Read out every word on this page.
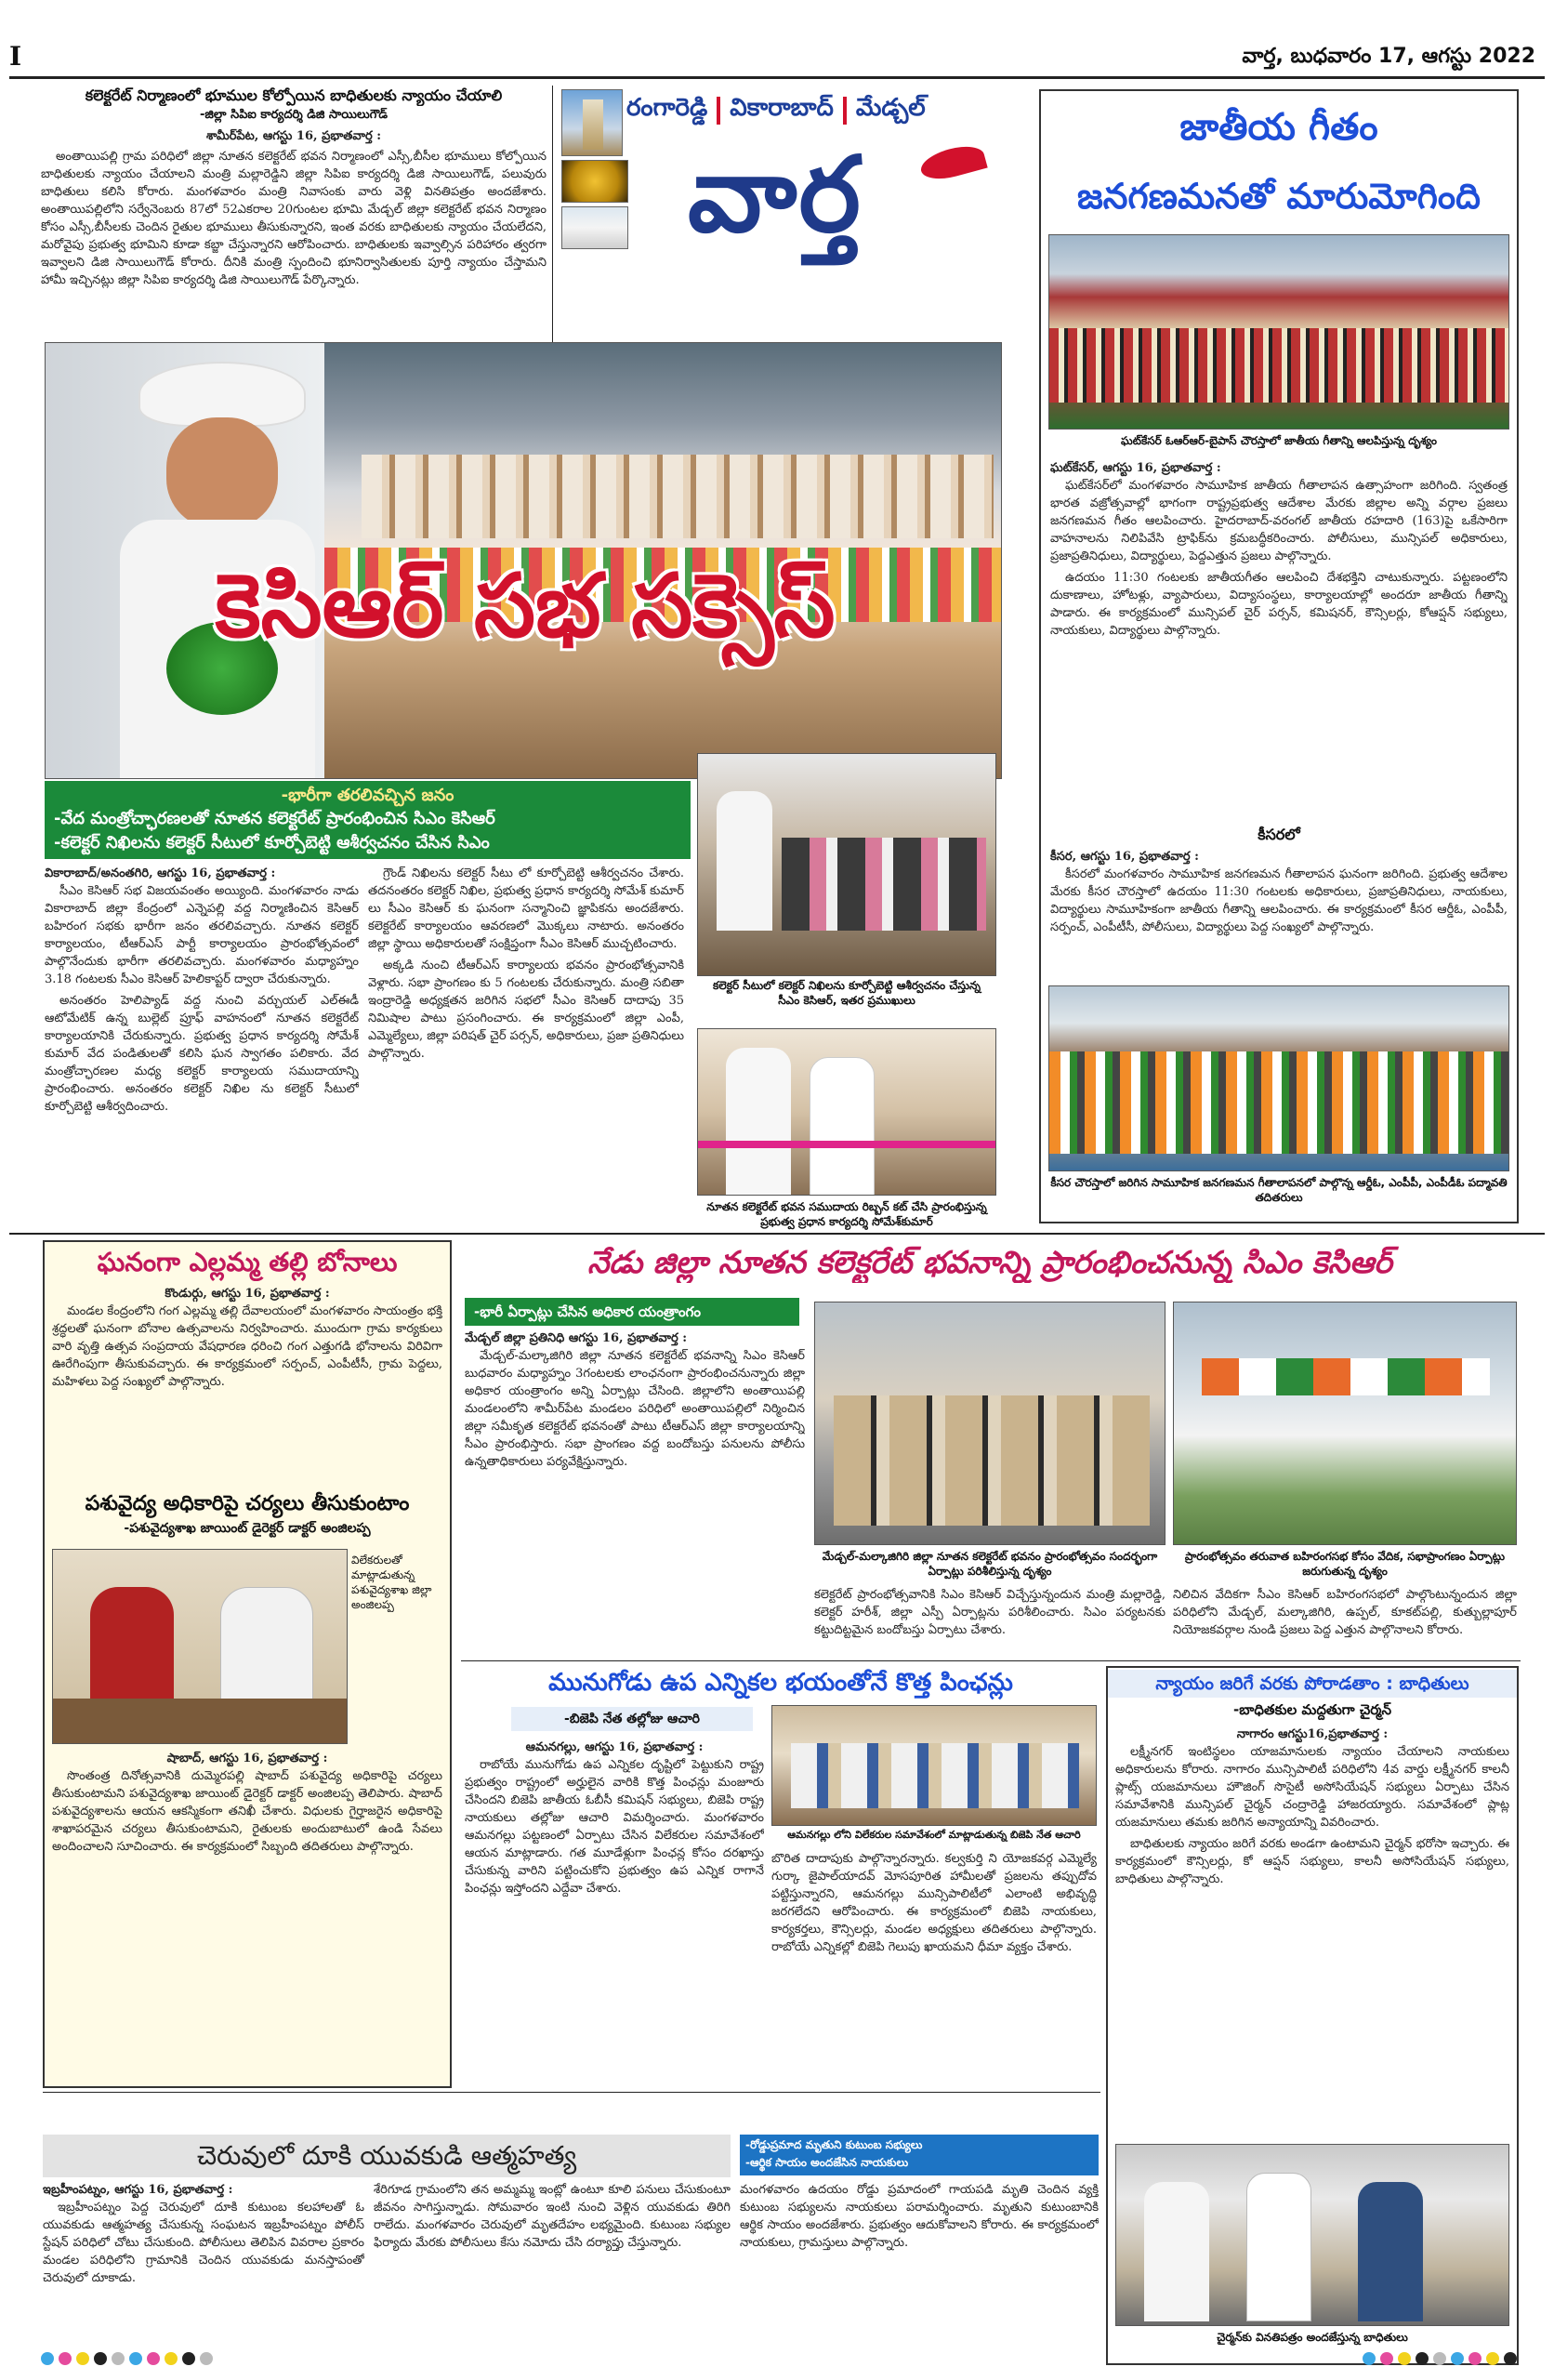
I	వార్త, బుధవారం 17, ఆగస్టు 2022
కలెక్టరేట్ నిర్మాణంలో భూముల కోల్పోయిన బాధితులకు న్యాయం చేయాలి
-జిల్లా సిపిఐ కార్యదర్శి డిజి సాయిలుగౌడ్
శామీర్‌పేట, ఆగస్టు 16, ప్రభాతవార్త :

అంతాయిపల్లి గ్రామ పరిధిలో జిల్లా నూతన కలెక్టరేట్ భవన నిర్మాణంలో ఎస్సీ,బీసీల భూములు కోల్పోయిన బాధితులకు న్యాయం చేయాలని మంత్రి మల్లారెడ్డిని జిల్లా సిపిఐ కార్యదర్శి డిజి సాయిలుగౌడ్, పలువురు బాధితులు కలిసి కోరారు. మంగళవారం మంత్రి నివాసంకు వారు వెళ్లి వినతిపత్రం అందజేశారు. అంతాయిపల్లిలోని సర్వేనెంబరు 87లో 52ఎకరాల 20గుంటల భూమి మేడ్చల్ జిల్లా కలెక్టరేట్ భవన నిర్మాణం కోసం ఎస్సీ,బీసీలకు చెందిన రైతుల భూములు తీసుకున్నారని, ఇంత వరకు బాధితులకు న్యాయం చేయలేదని, మరోవైపు ప్రభుత్వ భూమిని కూడా కబ్జా చేస్తున్నారని ఆరోపించారు. బాధితులకు ఇవ్వాల్సిన పరిహారం త్వరగా ఇవ్వాలని డిజి సాయిలుగౌడ్ కోరారు. దీనికి మంత్రి స్పందించి భూనిర్వాసితులకు పూర్తి న్యాయం చేస్తామని హామీ ఇచ్చినట్లు జిల్లా సిపిఐ కార్యదర్శి డిజి సాయిలుగౌడ్ పేర్కొన్నారు.

రంగారెడ్డి వికారాబాద్ మేడ్చల్
వార్త
కెసిఆర్ సభ సక్సెస్
-భారీగా తరలివచ్చిన జనం
-వేద మంత్రోచ్ఛారణలతో నూతన కలెక్టరేట్ ప్రారంభించిన సిఎం కెసిఆర్
-కలెక్టర్ నిఖిలను కలెక్టర్ సీటులో కూర్చోబెట్టి ఆశీర్వచనం చేసిన సిఎం
వికారాబాద్/అనంతగిరి, ఆగస్టు 16, ప్రభాతవార్త :

సీఎం కెసిఆర్ సభ విజయవంతం అయ్యింది. మంగళవారం నాడు వికారాబాద్ జిల్లా కేంద్రంలో ఎన్నెపల్లి వద్ద నిర్మాణించిన కెసిఆర్ బహిరంగ సభకు భారీగా జనం తరలివచ్చారు. నూతన కలెక్టర్ కార్యాలయం, టీఆర్ఎస్ పార్టీ కార్యాలయం ప్రారంభోత్సవంలో పాల్గొనేందుకు భారీగా తరలివచ్చారు. మంగళవారం మధ్యాహ్నం 3.18 గంటలకు సీఎం కెసిఆర్ హెలికాప్టర్ ద్వారా చేరుకున్నారు.

అనంతరం హెలిప్యాడ్ వద్ద నుంచి వర్చుయల్ ఎల్ఈడీ ఆటోమేటిక్ ఉన్న బుల్లెట్ ప్రూఫ్ వాహనంలో నూతన కలెక్టరేట్ కార్యాలయానికి చేరుకున్నారు. ప్రభుత్వ ప్రధాన కార్యదర్శి సోమేశ్ కుమార్ వేద పండితులతో కలిసి ఘన స్వాగతం పలికారు. వేద మంత్రోచ్ఛారణల మధ్య కలెక్టర్ కార్యాలయ సముదాయాన్ని ప్రారంభించారు. అనంతరం కలెక్టర్ నిఖిల ను కలెక్టర్ సీటులో కూర్చోబెట్టి ఆశీర్వదించారు.

గ్రౌండ్ నిఖిలను కలెక్టర్ సీటు లో కూర్చోబెట్టి ఆశీర్వచనం చేశారు. తదనంతరం కలెక్టర్ నిఖిల, ప్రభుత్వ ప్రధాన కార్యదర్శి సోమేశ్ కుమార్ లు సీఎం కెసిఆర్ కు ఘనంగా సన్మానించి జ్ఞాపికను అందజేశారు. కలెక్టరేట్ కార్యాలయం ఆవరణలో మొక్కలు నాటారు. అనంతరం జిల్లా స్థాయి అధికారులతో సంక్షిప్తంగా సీఎం కెసిఆర్ ముచ్చటించారు.

అక్కడి నుంచి టీఆర్ఎస్ కార్యాలయ భవనం ప్రారంభోత్సవానికి వెళ్లారు. సభా ప్రాంగణం కు 5 గంటలకు చేరుకున్నారు. మంత్రి సబితా ఇంద్రారెడ్డి అధ్యక్షతన జరిగిన సభలో సీఎం కెసిఆర్ దాదాపు 35 నిమిషాల పాటు ప్రసంగించారు. ఈ కార్యక్రమంలో జిల్లా ఎంపీ, ఎమ్మెల్యేలు, జిల్లా పరిషత్ చైర్ పర్సన్, అధికారులు, ప్రజా ప్రతినిధులు పాల్గొన్నారు.

కలెక్టర్ సీటులో కలెక్టర్ నిఖిలను కూర్చోబెట్టి ఆశీర్వచనం చేస్తున్న సీఎం కెసిఆర్, ఇతర ప్రముఖులు
నూతన కలెక్టరేట్ భవన సముదాయ రిబ్బన్ కట్ చేసి ప్రారంభిస్తున్న ప్రభుత్వ ప్రధాన కార్యదర్శి సోమేశ్‌కుమార్
జాతీయ గీతం
జనగణమనతో మారుమోగింది
ఘట్‌కేసర్ ఓఆర్ఆర్-బైపాస్ చౌరస్తాలో జాతీయ గీతాన్ని ఆలపిస్తున్న దృశ్యం
ఘట్‌కేసర్, ఆగస్టు 16, ప్రభాతవార్త :

ఘట్‌కేసర్‌లో మంగళవారం సామూహిక జాతీయ గీతాలాపన ఉత్సాహంగా జరిగింది. స్వతంత్ర భారత వజ్రోత్సవాల్లో భాగంగా రాష్ట్రప్రభుత్వ ఆదేశాల మేరకు జిల్లాల అన్ని వర్గాల ప్రజలు జనగణమన గీతం ఆలపించారు. హైదరాబాద్-వరంగల్ జాతీయ రహదారి (163)పై ఒకేసారిగా వాహనాలను నిలిపివేసి ట్రాఫిక్‌ను క్రమబద్ధీకరించారు. పోలీసులు, మున్సిపల్ అధికారులు, ప్రజాప్రతినిధులు, విద్యార్థులు, పెద్దఎత్తున ప్రజలు పాల్గొన్నారు.

ఉదయం 11:30 గంటలకు జాతీయగీతం ఆలపించి దేశభక్తిని చాటుకున్నారు. పట్టణంలోని దుకాణాలు, హోటళ్లు, వ్యాపారులు, విద్యాసంస్థలు, కార్యాలయాల్లో అందరూ జాతీయ గీతాన్ని పాడారు. ఈ కార్యక్రమంలో మున్సిపల్ చైర్ పర్సన్, కమిషనర్, కౌన్సిలర్లు, కోఆప్షన్ సభ్యులు, నాయకులు, విద్యార్థులు పాల్గొన్నారు.

కీసరలో
కీసర, ఆగస్టు 16, ప్రభాతవార్త :

కీసరలో మంగళవారం సామూహిక జనగణమన గీతాలాపన ఘనంగా జరిగింది. ప్రభుత్వ ఆదేశాల మేరకు కీసర చౌరస్తాలో ఉదయం 11:30 గంటలకు అధికారులు, ప్రజాప్రతినిధులు, నాయకులు, విద్యార్థులు సామూహికంగా జాతీయ గీతాన్ని ఆలపించారు. ఈ కార్యక్రమంలో కీసర ఆర్డీఓ, ఎంపీపీ, సర్పంచ్, ఎంపీటీసీ, పోలీసులు, విద్యార్థులు పెద్ద సంఖ్యలో పాల్గొన్నారు.

కీసర చౌరస్తాలో జరిగిన సామూహిక జనగణమన గీతాలాపనలో పాల్గొన్న ఆర్డీఓ, ఎంపీపీ, ఎంపీడీఓ పద్మావతి తదితరులు
ఘనంగా ఎల్లమ్మ తల్లి బోనాలు
కొండుర్గు, ఆగస్టు 16, ప్రభాతవార్త :

మండల కేంద్రంలోని గంగ ఎల్లమ్మ తల్లి దేవాలయంలో మంగళవారం సాయంత్రం భక్తి శ్రద్ధలతో ఘనంగా బోనాల ఉత్సవాలను నిర్వహించారు. ముందుగా గ్రామ కార్యకులు వారి వృత్తి ఉత్సవ సంప్రదాయ వేషధారణ ధరించి గంగ ఎత్తుగడి భోనాలను విరివిగా ఊరేగింపుగా తీసుకువచ్చారు. ఈ కార్యక్రమంలో సర్పంచ్, ఎంపీటీసీ, గ్రామ పెద్దలు, మహిళలు పెద్ద సంఖ్యలో పాల్గొన్నారు.

పశువైద్య అధికారిపై చర్యలు తీసుకుంటాం
-పశువైద్యశాఖ జాయింట్ డైరెక్టర్ డాక్టర్ అంజిలప్ప
విలేకరులతో మాట్లాడుతున్న పశువైద్యశాఖ జిల్లా అంజిలప్ప
షాబాద్, ఆగస్టు 16, ప్రభాతవార్త :

సొంతంత్ర దినోత్సవానికి దుమ్మెరపల్లి షాబాద్ పశువైద్య అధికారిపై చర్యలు తీసుకుంటామని పశువైద్యశాఖ జాయింట్ డైరెక్టర్ డాక్టర్ అంజిలప్ప తెలిపారు. షాబాద్ పశువైద్యశాలను ఆయన ఆకస్మికంగా తనిఖీ చేశారు. విధులకు గైర్హాజరైన అధికారిపై శాఖాపరమైన చర్యలు తీసుకుంటామని, రైతులకు అందుబాటులో ఉండి సేవలు అందించాలని సూచించారు. ఈ కార్యక్రమంలో సిబ్బంది తదితరులు పాల్గొన్నారు.

నేడు జిల్లా నూతన కలెక్టరేట్ భవనాన్ని ప్రారంభించనున్న సిఎం కెసిఆర్
-భారీ ఏర్పాట్లు చేసిన అధికార యంత్రాంగం
మేడ్చల్ జిల్లా ప్రతినిధి ఆగస్టు 16, ప్రభాతవార్త :

మేడ్చల్-మల్కాజిగిరి జిల్లా నూతన కలెక్టరేట్ భవనాన్ని సిఎం కెసిఆర్ బుధవారం మధ్యాహ్నం 3గంటలకు లాంఛనంగా ప్రారంభించనున్నారు జిల్లా అధికార యంత్రాంగం అన్ని ఏర్పాట్లు చేసింది. జిల్లాలోని అంతాయిపల్లి మండలంలోని శామీర్‌పేట మండలం పరిధిలో అంతాయిపల్లిలో నిర్మించిన జిల్లా సమీకృత కలెక్టరేట్ భవనంతో పాటు టీఆర్ఎస్ జిల్లా కార్యాలయాన్ని సీఎం ప్రారంభిస్తారు. సభా ప్రాంగణం వద్ద బందోబస్తు పనులను పోలీసు ఉన్నతాధికారులు పర్యవేక్షిస్తున్నారు.

మేడ్చల్-మల్కాజిగిరి జిల్లా నూతన కలెక్టరేట్ భవనం ప్రారంభోత్సవం సందర్భంగా ఏర్పాట్లు పరిశీలిస్తున్న దృశ్యం
ప్రారంభోత్సవం తరువాత బహిరంగసభ కోసం వేదిక, సభాప్రాంగణం ఏర్పాట్లు జరుగుతున్న దృశ్యం
కలెక్టరేట్ ప్రారంభోత్సవానికి సిఎం కెసిఆర్ విచ్చేస్తున్నందున మంత్రి మల్లారెడ్డి, కలెక్టర్ హరీశ్, జిల్లా ఎస్పీ ఏర్పాట్లను పరిశీలించారు. సిఎం పర్యటనకు కట్టుదిట్టమైన బందోబస్తు ఏర్పాటు చేశారు.
నిలిచిన వేదికగా సీఎం కెసిఆర్ బహిరంగసభలో పాల్గొంటున్నందున జిల్లా పరిధిలోని మేడ్చల్, మల్కాజిగిరి, ఉప్పల్, కూకట్‌పల్లి, కుత్బుల్లాపూర్ నియోజకవర్గాల నుండి ప్రజలు పెద్ద ఎత్తున పాల్గొనాలని కోరారు.
మునుగోడు ఉప ఎన్నికల భయంతోనే కొత్త పింఛన్లు
-బిజెపి నేత తల్లోజు ఆచారి
ఆమనగల్లు లోని విలేకరుల సమావేశంలో మాట్లాడుతున్న బిజెపి నేత ఆచారి
ఆమనగల్లు, ఆగస్టు 16, ప్రభాతవార్త :

రాబోయే మునుగోడు ఉప ఎన్నికల దృష్టిలో పెట్టుకుని రాష్ట్ర ప్రభుత్వం రాష్ట్రంలో అర్హులైన వారికి కొత్త పింఛన్లు మంజూరు చేసిందని బిజెపి జాతీయ ఓబీసీ కమిషన్ సభ్యులు, బిజెపి రాష్ట్ర నాయకులు తల్లోజు ఆచారి విమర్శించారు. మంగళవారం ఆమనగల్లు పట్టణంలో ఏర్పాటు చేసిన విలేకరుల సమావేశంలో ఆయన మాట్లాడారు. గత మూడేళ్లుగా పింఛన్ల కోసం దరఖాస్తు చేసుకున్న వారిని పట్టించుకోని ప్రభుత్వం ఉప ఎన్నిక రాగానే పింఛన్లు ఇస్తోందని ఎద్దేవా చేశారు.

బొరిత దాదాపుకు పాల్గొన్నారన్నారు. కల్వకుర్తి ని యోజకవర్గ ఎమ్మెల్యే గుర్కా జైపాల్‌యాదవ్ మోసపూరిత హామీలతో ప్రజలను తప్పుదోవ పట్టిస్తున్నారని, ఆమనగల్లు మున్సిపాలిటీలో ఎలాంటి అభివృద్ధి జరగలేదని ఆరోపించారు. ఈ కార్యక్రమంలో బిజెపి నాయకులు, కార్యకర్తలు, కౌన్సిలర్లు, మండల అధ్యక్షులు తదితరులు పాల్గొన్నారు. రాబోయే ఎన్నికల్లో బిజెపి గెలుపు ఖాయమని ధీమా వ్యక్తం చేశారు.
న్యాయం జరిగే వరకు పోరాడతాం : బాధితులు
-బాధితకుల మద్దతుగా చైర్మన్
నాగారం ఆగస్టు16,ప్రభాతవార్త :

లక్ష్మీనగర్ ఇంటిస్థలం యాజమానులకు న్యాయం చేయాలని నాయకులు అధికారులను కోరారు. నాగారం మున్సిపాలిటీ పరిధిలోని 4వ వార్డు లక్ష్మీనగర్ కాలనీ ప్లాట్స్ యజమానులు హౌజింగ్ సొసైటీ అసోసియేషన్ సభ్యులు ఏర్పాటు చేసిన సమావేశానికి మున్సిపల్ చైర్మన్ చంద్రారెడ్డి హాజరయ్యారు. సమావేశంలో ప్లాట్ల యజమానులు తమకు జరిగిన అన్యాయాన్ని వివరించారు.

బాధితులకు న్యాయం జరిగే వరకు అండగా ఉంటామని చైర్మన్ భరోసా ఇచ్చారు. ఈ కార్యక్రమంలో కౌన్సిలర్లు, కో ఆప్షన్ సభ్యులు, కాలనీ అసోసియేషన్ సభ్యులు, బాధితులు పాల్గొన్నారు.

చైర్మన్‌కు వినతిపత్రం అందజేస్తున్న బాధితులు
చెరువులో దూకి యువకుడి ఆత్మహత్య
ఇబ్రహీంపట్నం, ఆగస్టు 16, ప్రభాతవార్త :

ఇబ్రహీంపట్నం పెద్ద చెరువులో దూకి కుటుంబ కలహాలతో ఓ యువకుడు ఆత్మహత్య చేసుకున్న సంఘటన ఇబ్రహీంపట్నం పోలీస్ స్టేషన్ పరిధిలో చోటు చేసుకుంది. పోలీసులు తెలిపిన వివరాల ప్రకారం మండల పరిధిలోని గ్రామానికి చెందిన యువకుడు మనస్తాపంతో చెరువులో దూకాడు.

శేరిగూడ గ్రామంలోని తన అమ్మమ్మ ఇంట్లో ఉంటూ కూలి పనులు చేసుకుంటూ జీవనం సాగిస్తున్నాడు. సోమవారం ఇంటి నుంచి వెళ్లిన యువకుడు తిరిగి రాలేదు. మంగళవారం చెరువులో మృతదేహం లభ్యమైంది. కుటుంబ సభ్యుల ఫిర్యాదు మేరకు పోలీసులు కేసు నమోదు చేసి దర్యాప్తు చేస్తున్నారు.
-రోడ్డుప్రమాద మృతుని కుటుంబ సభ్యులు
-ఆర్థిక సాయం అందజేసిన నాయకులు
మంగళవారం ఉదయం రోడ్డు ప్రమాదంలో గాయపడి మృతి చెందిన వ్యక్తి కుటుంబ సభ్యులను నాయకులు పరామర్శించారు. మృతుని కుటుంబానికి ఆర్థిక సాయం అందజేశారు. ప్రభుత్వం ఆదుకోవాలని కోరారు. ఈ కార్యక్రమంలో నాయకులు, గ్రామస్తులు పాల్గొన్నారు.
